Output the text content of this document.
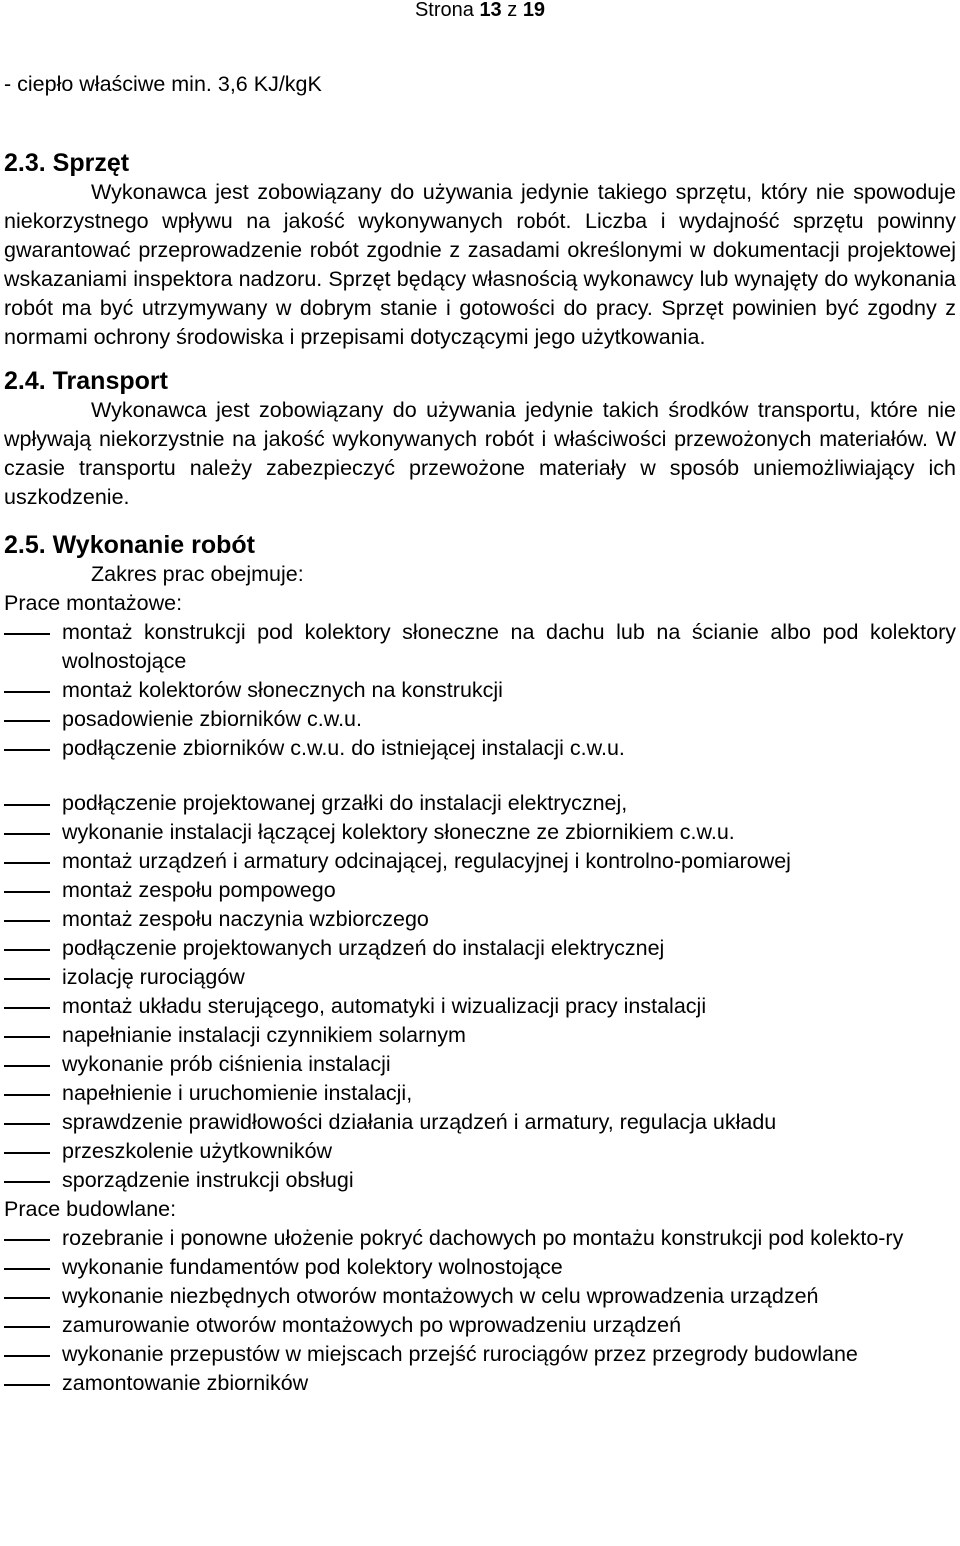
Strona 13 z 19

- ciepło właściwe min. 3,6 KJ/kgK

2.3. Sprzęt

Wykonawca jest zobowiązany do używania jedynie takiego sprzętu, który nie spowoduje niekorzystnego wpływu na jakość wykonywanych robót. Liczba i wydajność sprzętu powinny gwarantować przeprowadzenie robót zgodnie z zasadami określonymi w dokumentacji projektowej wskazaniami inspektora nadzoru. Sprzęt będący własnością wykonawcy lub wynajęty do wykonania robót ma być utrzymywany w dobrym stanie i gotowości do pracy. Sprzęt powinien być zgodny z normami ochrony środowiska i przepisami dotyczącymi jego użytkowania.

2.4. Transport

Wykonawca jest zobowiązany do używania jedynie takich środków transportu, które nie wpływają niekorzystnie na jakość wykonywanych robót i właściwości przewożonych materiałów. W czasie transportu należy zabezpieczyć przewożone materiały w sposób uniemożliwiający ich uszkodzenie.

2.5. Wykonanie robót

Zakres prac obejmuje:

Prace montażowe:

montaż konstrukcji pod kolektory słoneczne na dachu lub na ścianie albo pod kolektory wolnostojące
montaż kolektorów słonecznych na konstrukcji
posadowienie zbiorników c.w.u.
podłączenie zbiorników c.w.u. do istniejącej instalacji c.w.u.
podłączenie projektowanej grzałki do instalacji elektrycznej,
wykonanie instalacji łączącej kolektory słoneczne ze zbiornikiem c.w.u.
montaż urządzeń i armatury odcinającej, regulacyjnej i kontrolno-pomiarowej
montaż zespołu pompowego
montaż zespołu naczynia wzbiorczego
podłączenie projektowanych urządzeń do instalacji elektrycznej
izolację rurociągów
montaż układu sterującego, automatyki i wizualizacji pracy instalacji
napełnianie instalacji czynnikiem solarnym
wykonanie prób ciśnienia instalacji
napełnienie i uruchomienie instalacji,
sprawdzenie prawidłowości działania urządzeń i armatury, regulacja układu
przeszkolenie użytkowników
sporządzenie instrukcji obsługi

Prace budowlane:

rozebranie i ponowne ułożenie pokryć dachowych po montażu konstrukcji pod kolekto-ry
wykonanie fundamentów pod kolektory wolnostojące
wykonanie niezbędnych otworów montażowych w celu wprowadzenia urządzeń
zamurowanie otworów montażowych po wprowadzeniu urządzeń
wykonanie przepustów w miejscach przejść rurociągów przez przegrody budowlane
zamontowanie zbiorników
